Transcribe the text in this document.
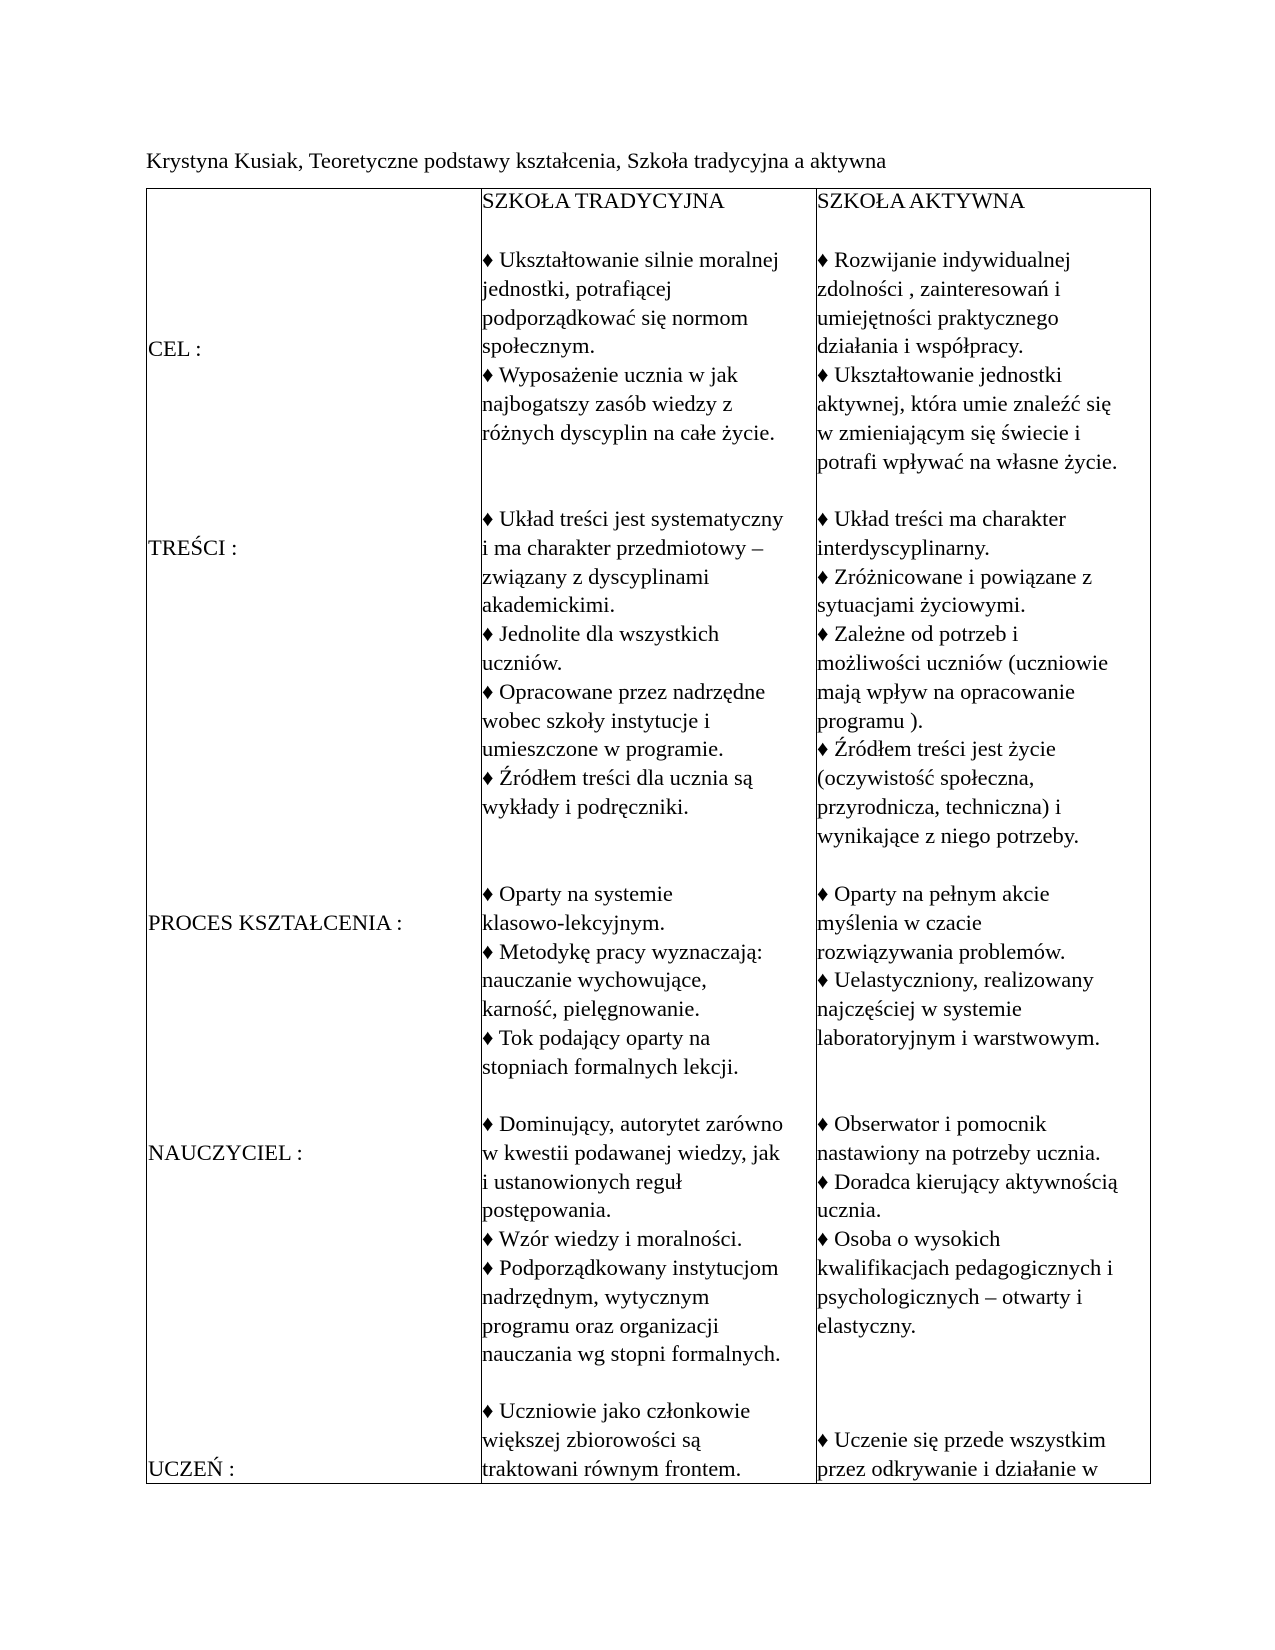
Krystyna Kusiak, Teoretyczne podstawy kształcenia, Szkoła tradycyjna a aktywna
SZKOŁA TRADYCYJNA	SZKOŁA AKTYWNA
CEL :
♦ Ukształtowanie silnie moralnej
jednostki, potrafiącej
podporządkować się normom
społecznym.
♦ Wyposażenie ucznia w jak
najbogatszy zasób wiedzy z
różnych dyscyplin na całe życie.
♦ Rozwijanie indywidualnej
zdolności , zainteresowań i
umiejętności praktycznego
działania i współpracy.
♦ Ukształtowanie jednostki
aktywnej, która umie znaleźć się
w zmieniającym się świecie i
potrafi wpływać na własne życie.
TREŚCI :
♦ Układ treści jest systematyczny
i ma charakter przedmiotowy –
związany z dyscyplinami
akademickimi.
♦ Jednolite dla wszystkich
uczniów.
♦ Opracowane przez nadrzędne
wobec szkoły instytucje i
umieszczone w programie.
♦ Źródłem treści dla ucznia są
wykłady i podręczniki.
♦ Układ treści ma charakter
interdyscyplinarny.
♦ Zróżnicowane i powiązane z
sytuacjami życiowymi.
♦ Zależne od potrzeb i
możliwości uczniów (uczniowie
mają wpływ na opracowanie
programu ).
♦ Źródłem treści jest życie
(oczywistość społeczna,
przyrodnicza, techniczna) i
wynikające z niego potrzeby.
PROCES KSZTAŁCENIA :
♦ Oparty na systemie
klasowo-lekcyjnym.
♦ Metodykę pracy wyznaczają:
nauczanie wychowujące,
karność, pielęgnowanie.
♦ Tok podający oparty na
stopniach formalnych lekcji.
♦ Oparty na pełnym akcie
myślenia w czacie
rozwiązywania problemów.
♦ Uelastyczniony, realizowany
najczęściej w systemie
laboratoryjnym i warstwowym.
NAUCZYCIEL :
♦ Dominujący, autorytet zarówno
w kwestii podawanej wiedzy, jak
i ustanowionych reguł
postępowania.
♦ Wzór wiedzy i moralności.
♦ Podporządkowany instytucjom
nadrzędnym, wytycznym
programu oraz organizacji
nauczania wg stopni formalnych.
♦ Obserwator i pomocnik
nastawiony na potrzeby ucznia.
♦ Doradca kierujący aktywnością
ucznia.
♦ Osoba o wysokich
kwalifikacjach pedagogicznych i
psychologicznych – otwarty i
elastyczny.
UCZEŃ :
♦ Uczniowie jako członkowie
większej zbiorowości są
traktowani równym frontem.
♦ Uczenie się przede wszystkim
przez odkrywanie i działanie w
